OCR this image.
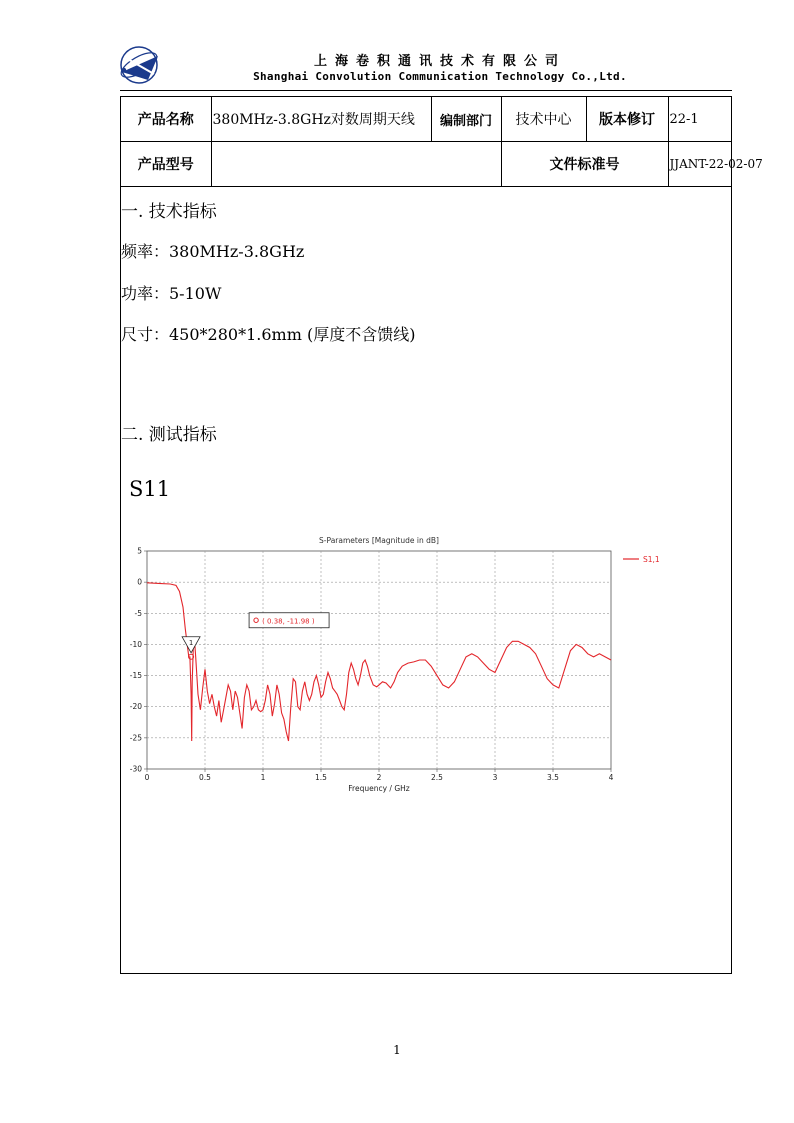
上海卷积通讯技术有限公司
Shanghai Convolution Communication Technology Co.,Ltd.
产品名称	380MHz-3.8GHz对数周期天线	编制部门	技术中心	版本修订	22-1
产品型号			文件标准号		JJANT-22-02-07
一. 技术指标
频率：380MHz-3.8GHz
功率：5-10W
尺寸：450*280*1.6mm (厚度不含馈线)
二. 测试指标
S11
0	0.5	1	1.5	2	2.5	3	3.5	4
5
0
-5
-10
-15
-20
-25
-30
S-Parameters [Magnitude in dB]
Frequency / GHz
S1,1
1
( 0.38, -11.98 )
1
